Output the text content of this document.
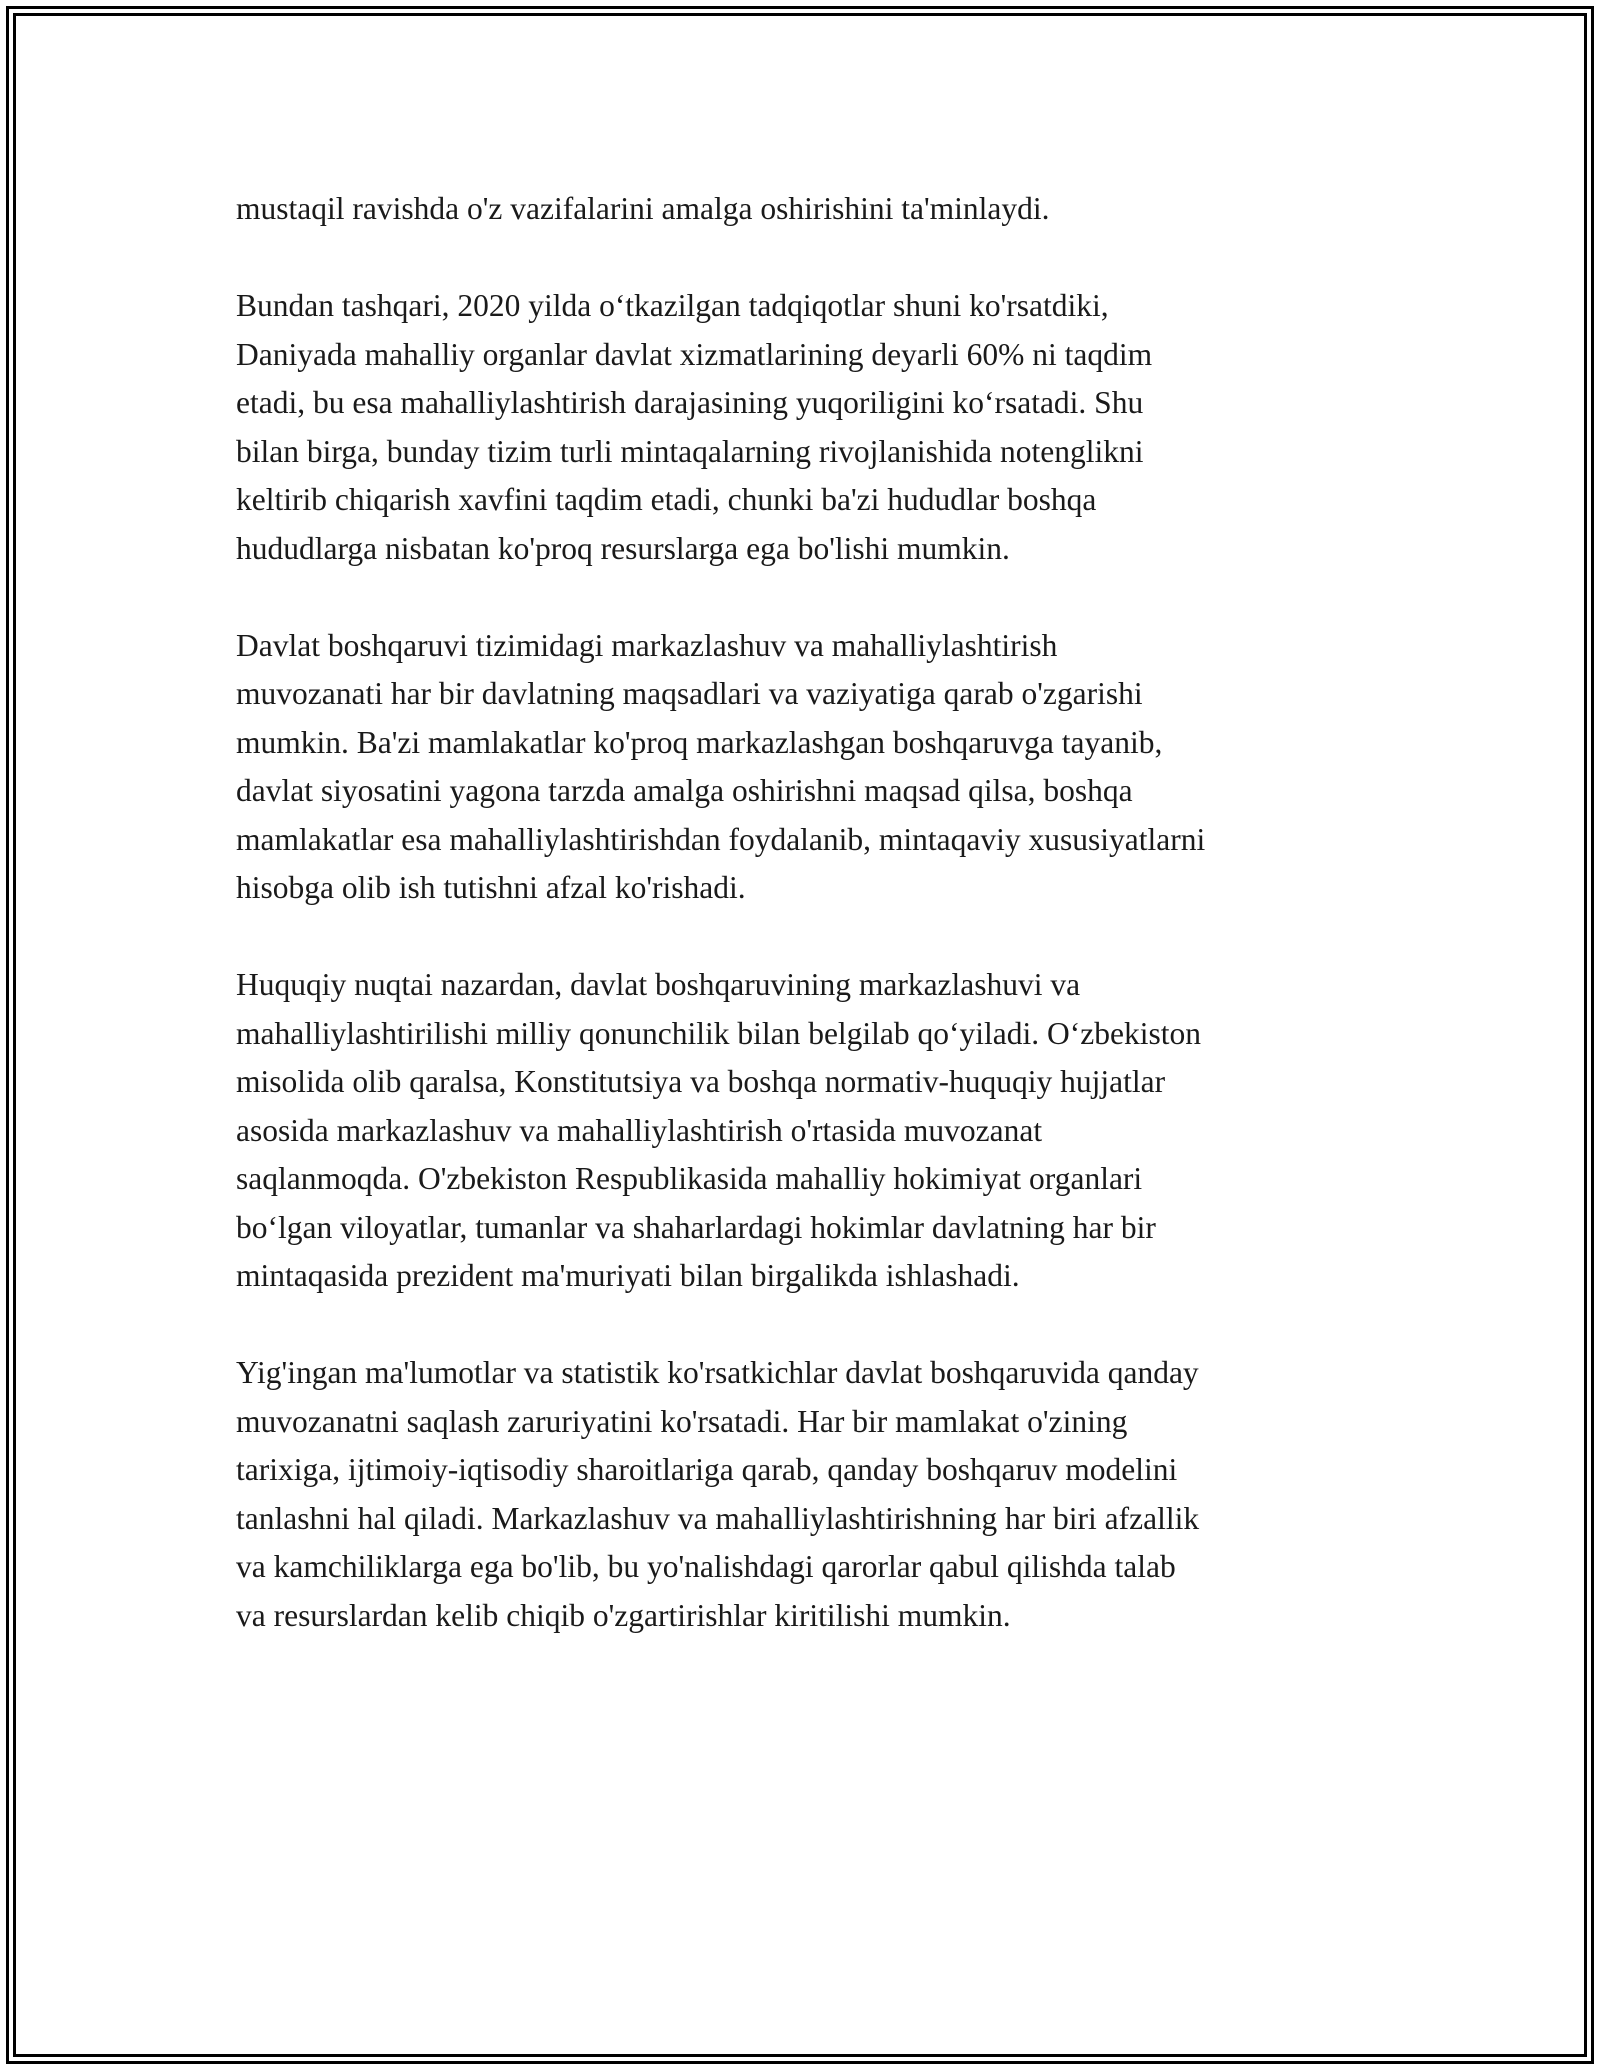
mustaqil ravishda o'z vazifalarini amalga oshirishini ta'minlaydi.

Bundan tashqari, 2020 yilda o‘tkazilgan tadqiqotlar shuni ko'rsatdiki,
Daniyada mahalliy organlar davlat xizmatlarining deyarli 60% ni taqdim
etadi, bu esa mahalliylashtirish darajasining yuqoriligini ko‘rsatadi. Shu
bilan birga, bunday tizim turli mintaqalarning rivojlanishida notenglikni
keltirib chiqarish xavfini taqdim etadi, chunki ba'zi hududlar boshqa
hududlarga nisbatan ko'proq resurslarga ega bo'lishi mumkin.

Davlat boshqaruvi tizimidagi markazlashuv va mahalliylashtirish
muvozanati har bir davlatning maqsadlari va vaziyatiga qarab o'zgarishi
mumkin. Ba'zi mamlakatlar ko'proq markazlashgan boshqaruvga tayanib,
davlat siyosatini yagona tarzda amalga oshirishni maqsad qilsa, boshqa
mamlakatlar esa mahalliylashtirishdan foydalanib, mintaqaviy xususiyatlarni
hisobga olib ish tutishni afzal ko'rishadi.

Huquqiy nuqtai nazardan, davlat boshqaruvining markazlashuvi va
mahalliylashtirilishi milliy qonunchilik bilan belgilab qo‘yiladi. O‘zbekiston
misolida olib qaralsa, Konstitutsiya va boshqa normativ-huquqiy hujjatlar
asosida markazlashuv va mahalliylashtirish o'rtasida muvozanat
saqlanmoqda. O'zbekiston Respublikasida mahalliy hokimiyat organlari
bo‘lgan viloyatlar, tumanlar va shaharlardagi hokimlar davlatning har bir
mintaqasida prezident ma'muriyati bilan birgalikda ishlashadi.

Yig'ingan ma'lumotlar va statistik ko'rsatkichlar davlat boshqaruvida qanday
muvozanatni saqlash zaruriyatini ko'rsatadi. Har bir mamlakat o'zining
tarixiga, ijtimoiy-iqtisodiy sharoitlariga qarab, qanday boshqaruv modelini
tanlashni hal qiladi. Markazlashuv va mahalliylashtirishning har biri afzallik
va kamchiliklarga ega bo'lib, bu yo'nalishdagi qarorlar qabul qilishda talab
va resurslardan kelib chiqib o'zgartirishlar kiritilishi mumkin.
